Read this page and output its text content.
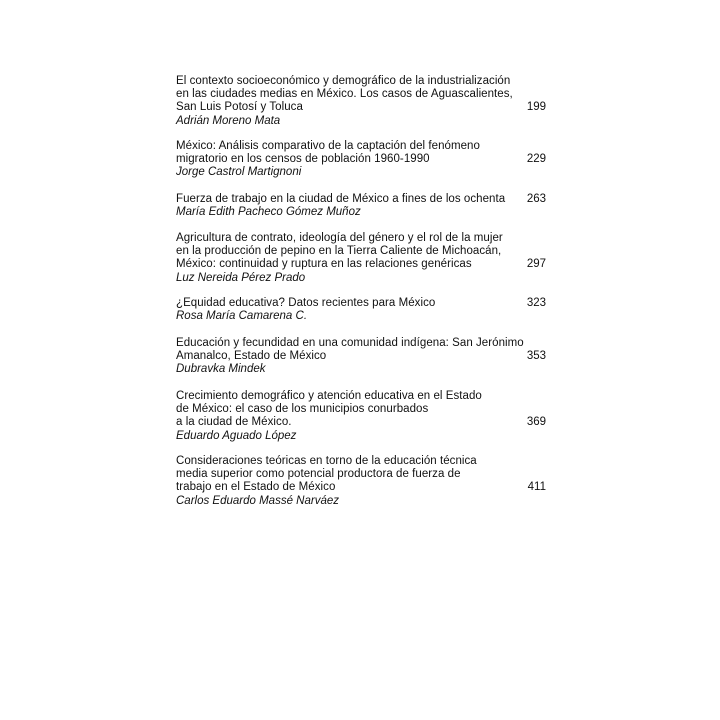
El contexto socioeconómico y demográfico de la industrialización
en las ciudades medias en México. Los casos de Aguascalientes,
San Luis Potosí y Toluca
Adrián Moreno Mata
199
México: Análisis comparativo de la captación del fenómeno
migratorio en los censos de población 1960-1990
Jorge Castrol Martignoni
229
Fuerza de trabajo en la ciudad de México a fines de los ochenta
María Edith Pacheco Gómez Muñoz
263
Agricultura de contrato, ideología del género y el rol de la mujer
en la producción de pepino en la Tierra Caliente de Michoacán,
México: continuidad y ruptura en las relaciones genéricas
Luz Nereida Pérez Prado
297
¿Equidad educativa? Datos recientes para México
Rosa María Camarena C.
323
Educación y fecundidad en una comunidad indígena: San Jerónimo
Amanalco, Estado de México
Dubravka Mindek
353
Crecimiento demográfico y atención educativa en el Estado
de México: el caso de los municipios conurbados
a la ciudad de México.
Eduardo Aguado López
369
Consideraciones teóricas en torno de la educación técnica
media superior como potencial productora de fuerza de
trabajo en el Estado de México
Carlos Eduardo Massé Narváez
411
